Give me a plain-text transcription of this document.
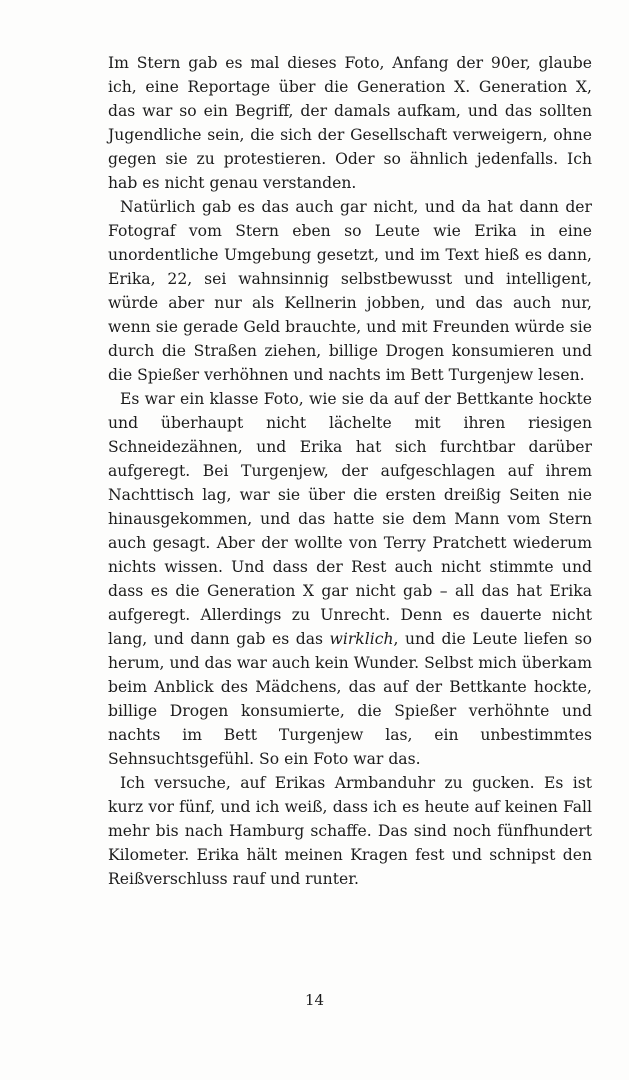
Im Stern gab es mal dieses Foto, Anfang der 90er, glaube ich, eine Reportage über die Generation X. Generation X, das war so ein Begriff, der damals aufkam, und das sollten Jugendliche sein, die sich der Gesellschaft verweigern, ohne gegen sie zu protestieren. Oder so ähnlich jedenfalls. Ich hab es nicht genau verstanden.

Natürlich gab es das auch gar nicht, und da hat dann der Fotograf vom Stern eben so Leute wie Erika in eine unordentliche Umgebung gesetzt, und im Text hieß es dann, Erika, 22, sei wahnsinnig selbstbewusst und intelligent, würde aber nur als Kellnerin jobben, und das auch nur, wenn sie gerade Geld brauchte, und mit Freunden würde sie durch die Straßen ziehen, billige Drogen konsumieren und die Spießer verhöhnen und nachts im Bett Turgenjew lesen.

Es war ein klasse Foto, wie sie da auf der Bettkante hockte und überhaupt nicht lächelte mit ihren riesigen Schneidezähnen, und Erika hat sich furchtbar darüber aufgeregt. Bei Turgenjew, der aufgeschlagen auf ihrem Nachttisch lag, war sie über die ersten dreißig Seiten nie hinausgekommen, und das hatte sie dem Mann vom Stern auch gesagt. Aber der wollte von Terry Pratchett wiederum nichts wissen. Und dass der Rest auch nicht stimmte und dass es die Generation X gar nicht gab – all das hat Erika aufgeregt. Allerdings zu Unrecht. Denn es dauerte nicht lang, und dann gab es das wirklich, und die Leute liefen so herum, und das war auch kein Wunder. Selbst mich überkam beim Anblick des Mädchens, das auf der Bettkante hockte, billige Drogen konsumierte, die Spießer verhöhnte und nachts im Bett Turgenjew las, ein unbestimmtes Sehnsuchtsgefühl. So ein Foto war das.

Ich versuche, auf Erikas Armbanduhr zu gucken. Es ist kurz vor fünf, und ich weiß, dass ich es heute auf keinen Fall mehr bis nach Hamburg schaffe. Das sind noch fünfhundert Kilometer. Erika hält meinen Kragen fest und schnipst den Reißverschluss rauf und runter.

14
